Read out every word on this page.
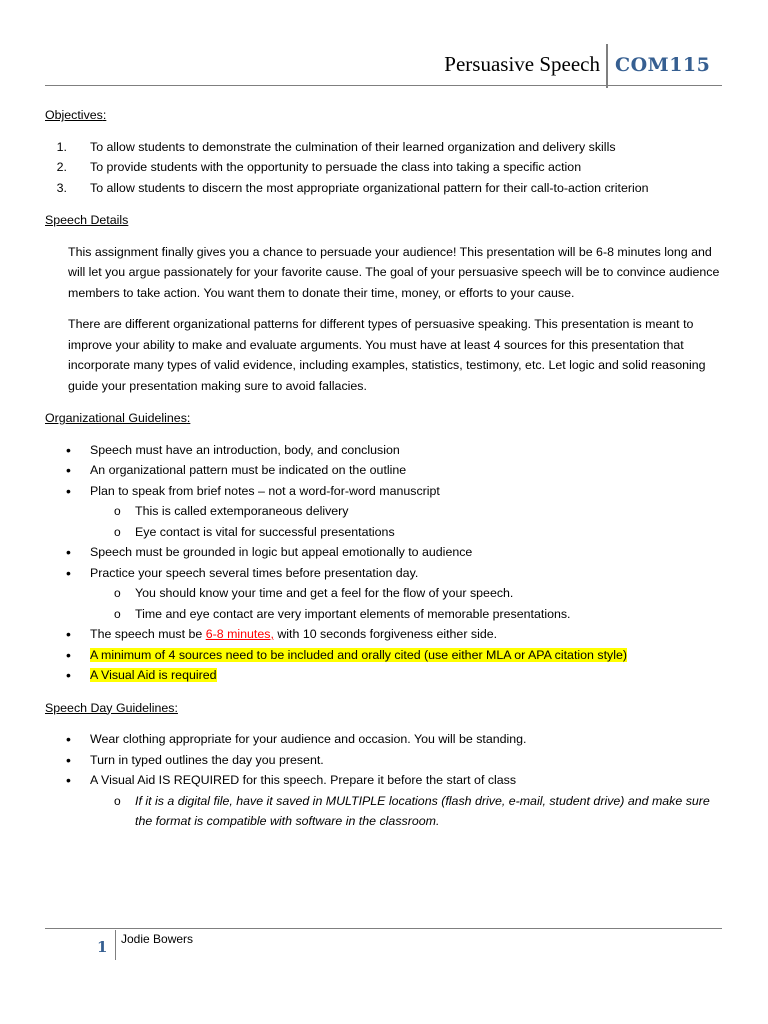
Persuasive Speech COM115

Objectives:

1. To allow students to demonstrate the culmination of their learned organization and delivery skills
2. To provide students with the opportunity to persuade the class into taking a specific action
3. To allow students to discern the most appropriate organizational pattern for their call-to-action criterion

Speech Details

This assignment finally gives you a chance to persuade your audience! This presentation will be 6-8 minutes long and will let you argue passionately for your favorite cause. The goal of your persuasive speech will be to convince audience members to take action. You want them to donate their time, money, or efforts to your cause.

There are different organizational patterns for different types of persuasive speaking. This presentation is meant to improve your ability to make and evaluate arguments. You must have at least 4 sources for this presentation that incorporate many types of valid evidence, including examples, statistics, testimony, etc. Let logic and solid reasoning guide your presentation making sure to avoid fallacies.

Organizational Guidelines:

• Speech must have an introduction, body, and conclusion
• An organizational pattern must be indicated on the outline
• Plan to speak from brief notes – not a word-for-word manuscript
o This is called extemporaneous delivery
o Eye contact is vital for successful presentations
• Speech must be grounded in logic but appeal emotionally to audience
• Practice your speech several times before presentation day.
o You should know your time and get a feel for the flow of your speech.
o Time and eye contact are very important elements of memorable presentations.
• The speech must be 6-8 minutes, with 10 seconds forgiveness either side.
• A minimum of 4 sources need to be included and orally cited (use either MLA or APA citation style)
• A Visual Aid is required

Speech Day Guidelines:

• Wear clothing appropriate for your audience and occasion. You will be standing.
• Turn in typed outlines the day you present.
• A Visual Aid IS REQUIRED for this speech. Prepare it before the start of class
o If it is a digital file, have it saved in MULTIPLE locations (flash drive, e-mail, student drive) and make sure the format is compatible with software in the classroom.
1 Jodie Bowers
